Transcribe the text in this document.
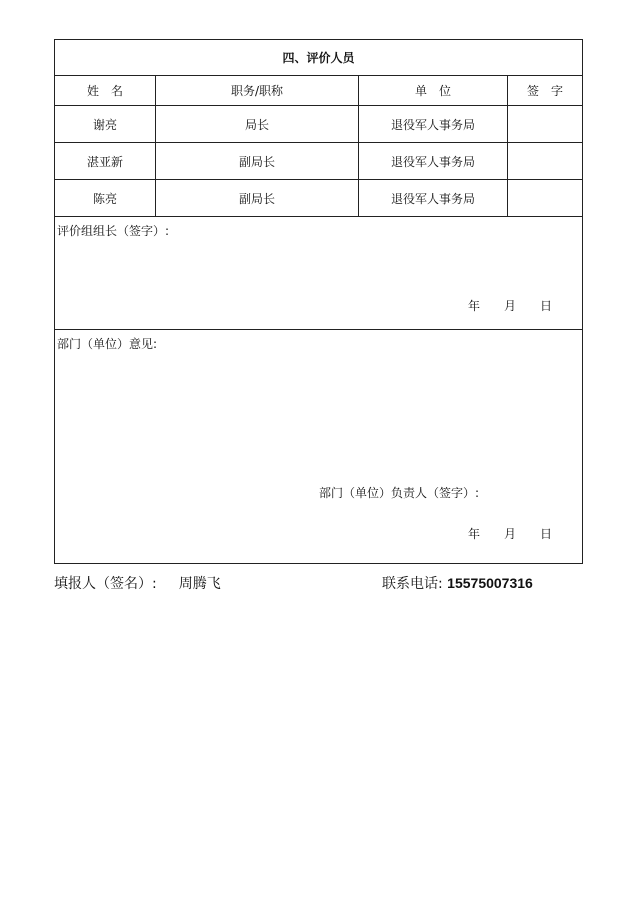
四、评价人员			
姓　名	职务/职称	单　位	签　字
谢亮	局长	退役军人事务局	
湛亚新	副局长	退役军人事务局	
陈亮	副局长	退役军人事务局	

评价组组长（签字）:
年　　月　　日			

部门（单位）意见:
部门（单位）负责人（签字）:
年　　月　　日			
填报人（签名）: 周腾飞	联系电话: 15575007316
